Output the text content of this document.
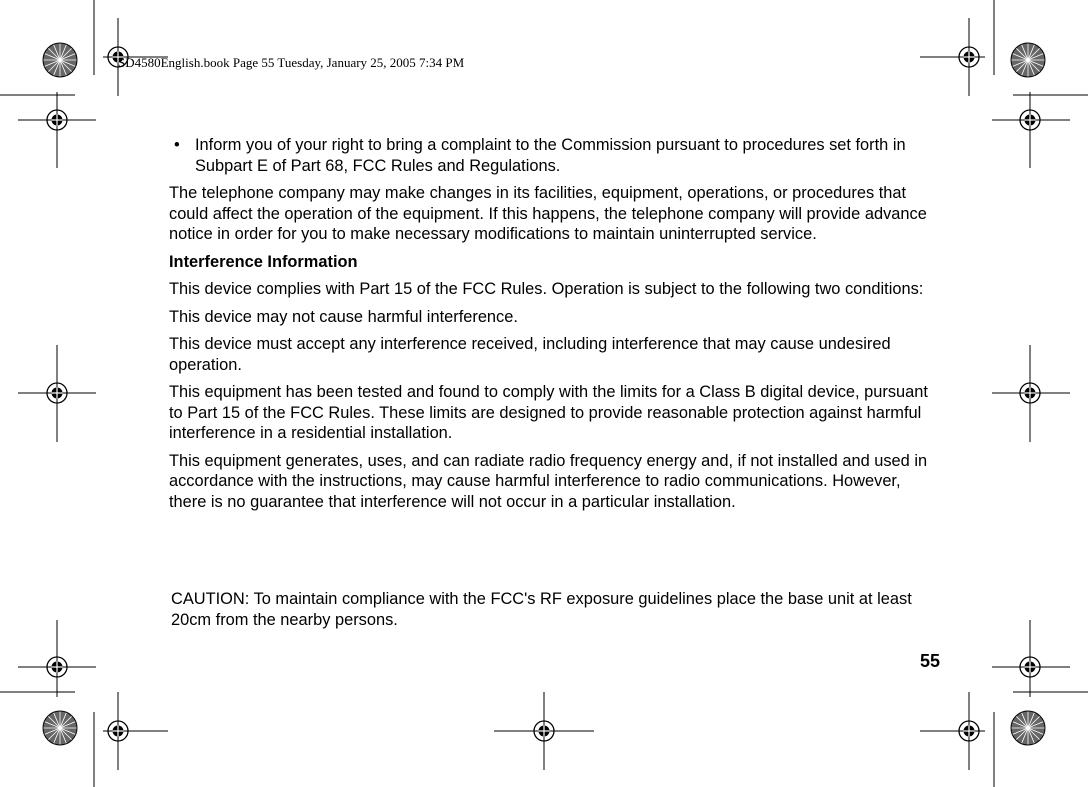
SD4580English.book Page 55 Tuesday, January 25, 2005 7:34 PM
• Inform you of your right to bring a complaint to the Commission pursuant to procedures set forth in Subpart E of Part 68, FCC Rules and Regulations.

The telephone company may make changes in its facilities, equipment, operations, or procedures that could affect the operation of the equipment. If this happens, the telephone company will provide advance notice in order for you to make necessary modifications to maintain uninterrupted service.

Interference Information

This device complies with Part 15 of the FCC Rules. Operation is subject to the following two conditions:

This device may not cause harmful interference.

This device must accept any interference received, including interference that may cause undesired operation.

This equipment has been tested and found to comply with the limits for a Class B digital device, pursuant to Part 15 of the FCC Rules. These limits are designed to provide reasonable protection against harmful interference in a residential installation.

This equipment generates, uses, and can radiate radio frequency energy and, if not installed and used in accordance with the instructions, may cause harmful interference to radio communications. However, there is no guarantee that interference will not occur in a particular installation.

CAUTION: To maintain compliance with the FCC's RF exposure guidelines place the base unit at least 20cm from the nearby persons.
55
